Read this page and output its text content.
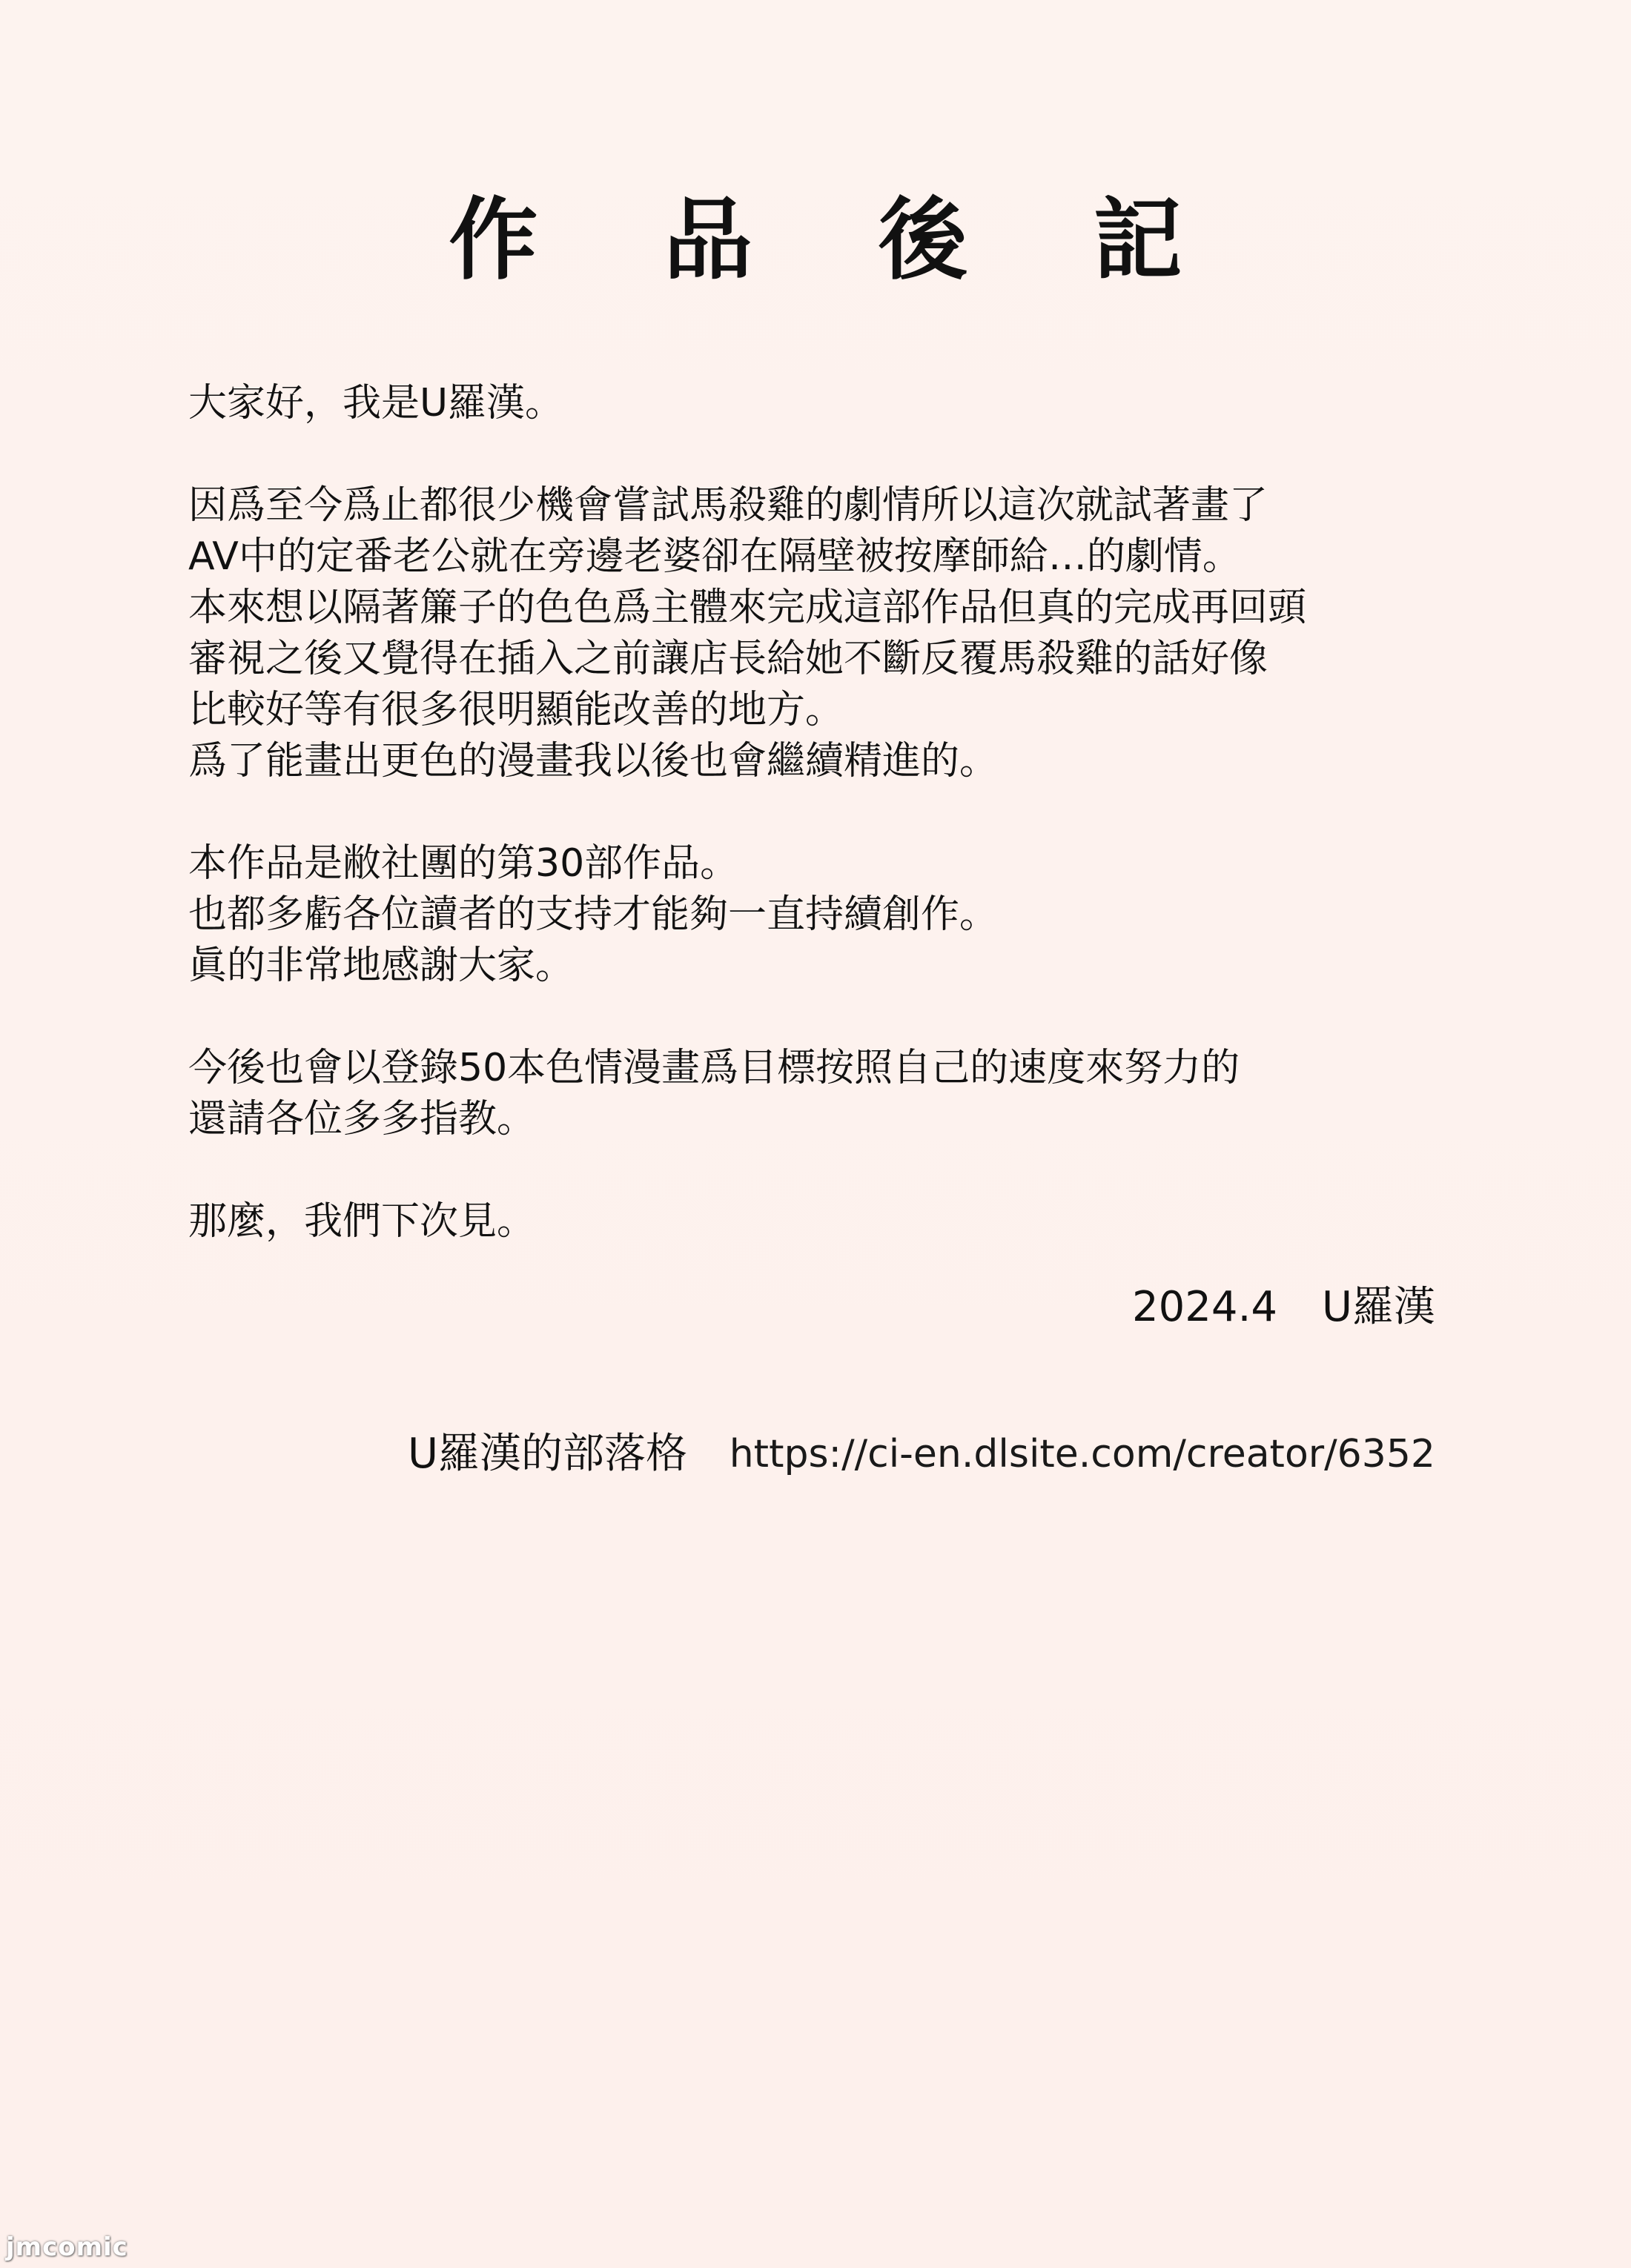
作 品 後 記
大家好，我是U羅漢。
因爲至今爲止都很少機會嘗試馬殺雞的劇情所以這次就試著畫了
AV中的定番老公就在旁邊老婆卻在隔壁被按摩師給…的劇情。
本來想以隔著簾子的色色爲主體來完成這部作品但真的完成再回頭
審視之後又覺得在插入之前讓店長給她不斷反覆馬殺雞的話好像
比較好等有很多很明顯能改善的地方。
爲了能畫出更色的漫畫我以後也會繼續精進的。
本作品是敝社團的第30部作品。
也都多虧各位讀者的支持才能夠一直持續創作。
眞的非常地感謝大家。
今後也會以登錄50本色情漫畫爲目標按照自己的速度來努力的
還請各位多多指教。
那麼，我們下次見。
2024.4 U羅漢
U羅漢的部落格 https://ci-en.dlsite.com/creator/6352
jmcomic
